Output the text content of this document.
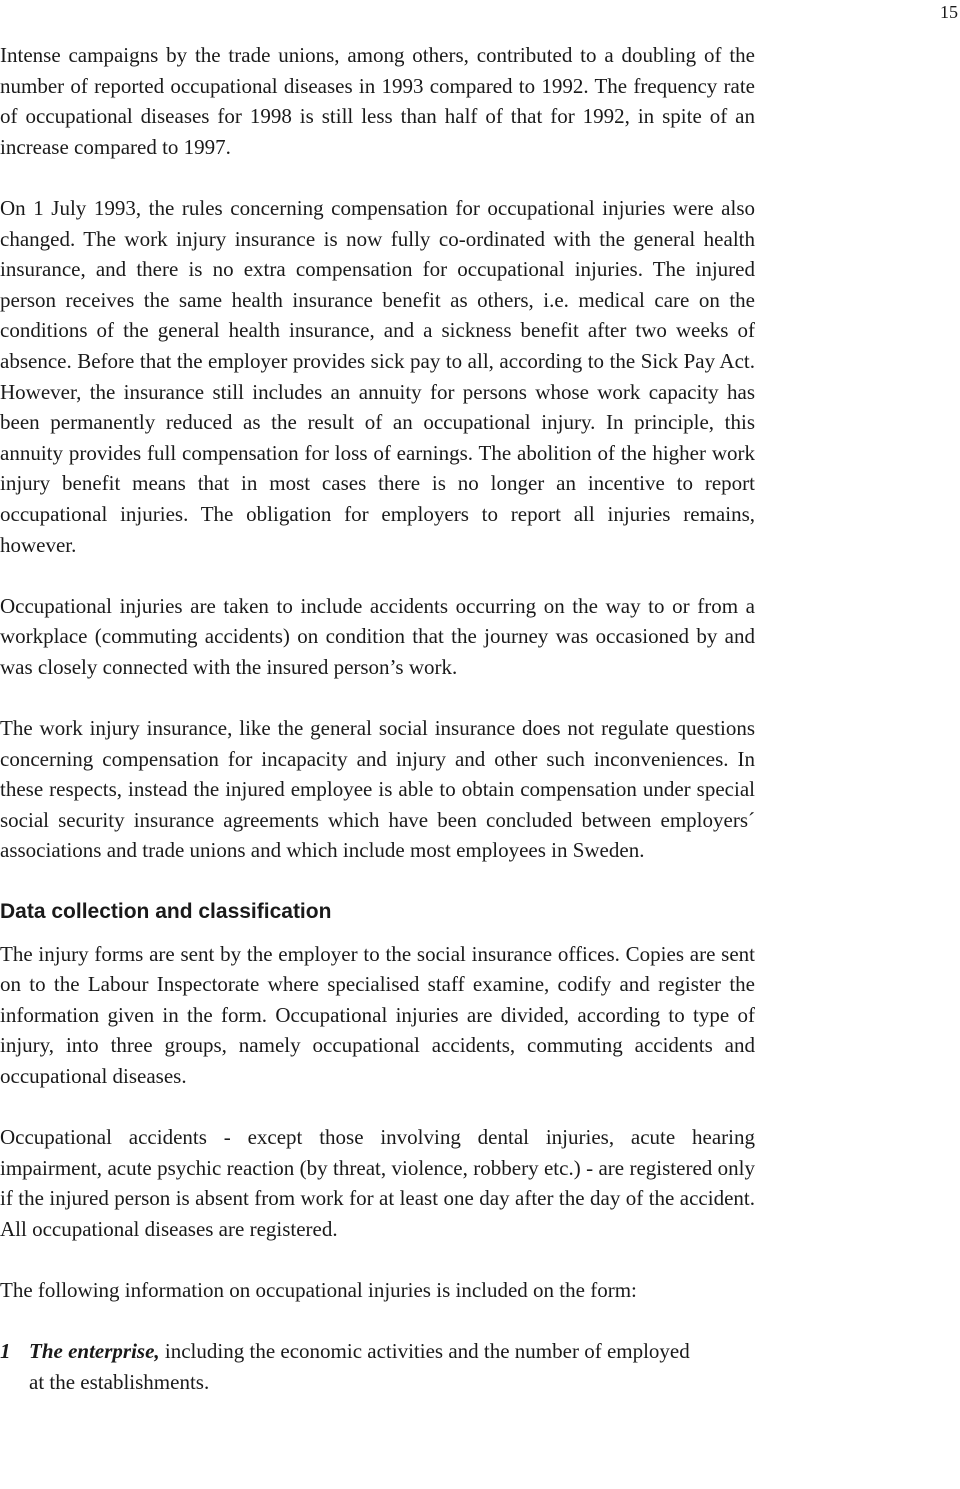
15

Intense campaigns by the trade unions, among others, contributed to a doubling of the number of reported occupational diseases in 1993 compared to 1992. The frequency rate of occupational diseases for 1998 is still less than half of that for 1992, in spite of an increase compared to 1997.

On 1 July 1993, the rules concerning compensation for occupational injuries were also changed. The work injury insurance is now fully co-ordinated with the general health insurance, and there is no extra compensation for occupational injuries. The injured person receives the same health insurance benefit as others, i.e. medical care on the conditions of the general health insurance, and a sickness benefit after two weeks of absence. Before that the employer provides sick pay to all, according to the Sick Pay Act. However, the insurance still includes an annuity for persons whose work capacity has been permanently reduced as the result of an occupational injury. In principle, this annuity provides full compensation for loss of earnings. The abolition of the higher work injury benefit means that in most cases there is no longer an incentive to report occupational injuries. The obligation for employers to report all injuries remains, however.

Occupational injuries are taken to include accidents occurring on the way to or from a workplace (commuting accidents) on condition that the journey was occasioned by and was closely connected with the insured person’s work.

The work injury insurance, like the general social insurance does not regulate questions concerning compensation for incapacity and injury and other such inconveniences. In these respects, instead the injured employee is able to obtain compensation under special social security insurance agreements which have been concluded between employers´ associations and trade unions and which include most employees in Sweden.

Data collection and classification

The injury forms are sent by the employer to the social insurance offices. Copies are sent on to the Labour Inspectorate where specialised staff examine, codify and register the information given in the form. Occupational injuries are divided, according to type of injury, into three groups, namely occupational accidents, commuting accidents and occupational diseases.

Occupational accidents - except those involving dental injuries, acute hearing impairment, acute psychic reaction (by threat, violence, robbery etc.) - are registered only if the injured person is absent from work for at least one day after the day of the accident. All occupational diseases are registered.

The following information on occupational injuries is included on the form:

1 The enterprise, including the economic activities and the number of employed at the establishments.
